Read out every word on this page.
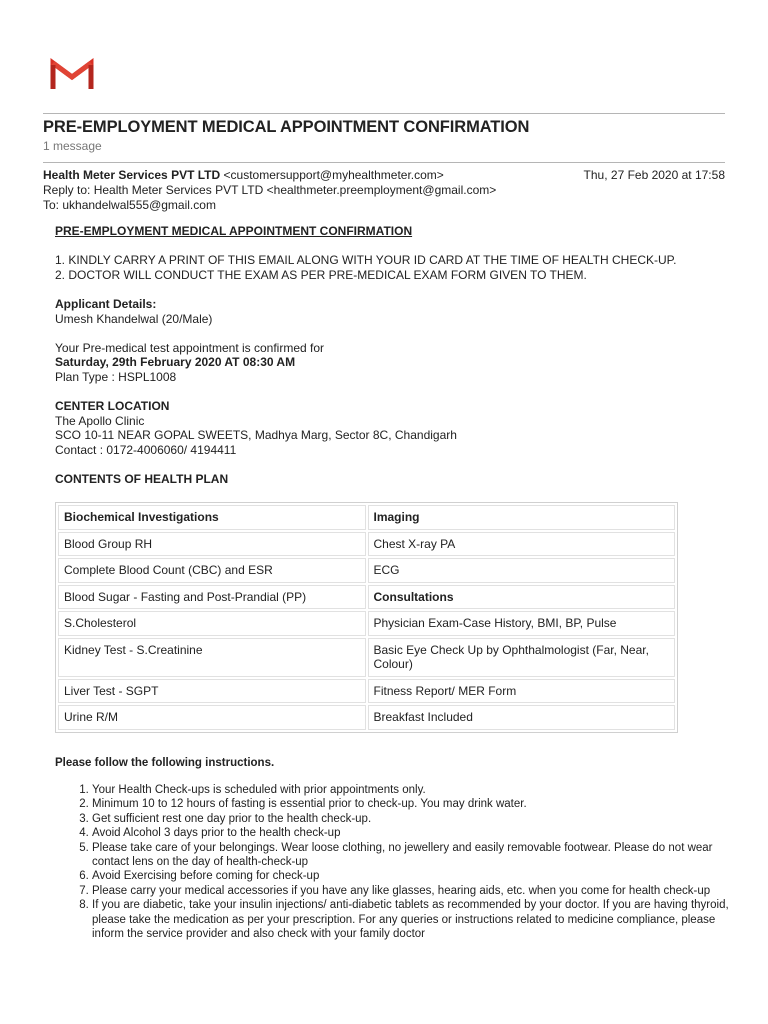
PRE-EMPLOYMENT MEDICAL APPOINTMENT CONFIRMATION
1 message
Health Meter Services PVT LTD <customersupport@myhealthmeter.com>	Thu, 27 Feb 2020 at 17:58
Reply to: Health Meter Services PVT LTD <healthmeter.preemployment@gmail.com>
To: ukhandelwal555@gmail.com

PRE-EMPLOYMENT MEDICAL APPOINTMENT CONFIRMATION

1. KINDLY CARRY A PRINT OF THIS EMAIL ALONG WITH YOUR ID CARD AT THE TIME OF HEALTH CHECK-UP.

2. DOCTOR WILL CONDUCT THE EXAM AS PER PRE-MEDICAL EXAM FORM GIVEN TO THEM.

Applicant Details:

Umesh Khandelwal (20/Male)

Your Pre-medical test appointment is confirmed for

Saturday, 29th February 2020 AT 08:30 AM

Plan Type : HSPL1008

CENTER LOCATION

The Apollo Clinic

SCO 10-11 NEAR GOPAL SWEETS, Madhya Marg, Sector 8C, Chandigarh

Contact : 0172-4006060/ 4194411

CONTENTS OF HEALTH PLAN

Biochemical Investigations	Imaging
Blood Group RH	Chest X-ray PA
Complete Blood Count (CBC) and ESR	ECG
Blood Sugar - Fasting and Post-Prandial (PP)	Consultations
S.Cholesterol	Physician Exam-Case History, BMI, BP, Pulse
Kidney Test - S.Creatinine	Basic Eye Check Up by Ophthalmologist (Far, Near, Colour)
Liver Test - SGPT	Fitness Report/ MER Form
Urine R/M	Breakfast Included
Please follow the following instructions.
1. Your Health Check-ups is scheduled with prior appointments only.
2. Minimum 10 to 12 hours of fasting is essential prior to check-up. You may drink water.
3. Get sufficient rest one day prior to the health check-up.
4. Avoid Alcohol 3 days prior to the health check-up
5. Please take care of your belongings. Wear loose clothing, no jewellery and easily removable footwear. Please do not wear contact lens on the day of health-check-up
6. Avoid Exercising before coming for check-up
7. Please carry your medical accessories if you have any like glasses, hearing aids, etc. when you come for health check-up
8. If you are diabetic, take your insulin injections/ anti-diabetic tablets as recommended by your doctor. If you are having thyroid, please take the medication as per your prescription. For any queries or instructions related to medicine compliance, please inform the service provider and also check with your family doctor
